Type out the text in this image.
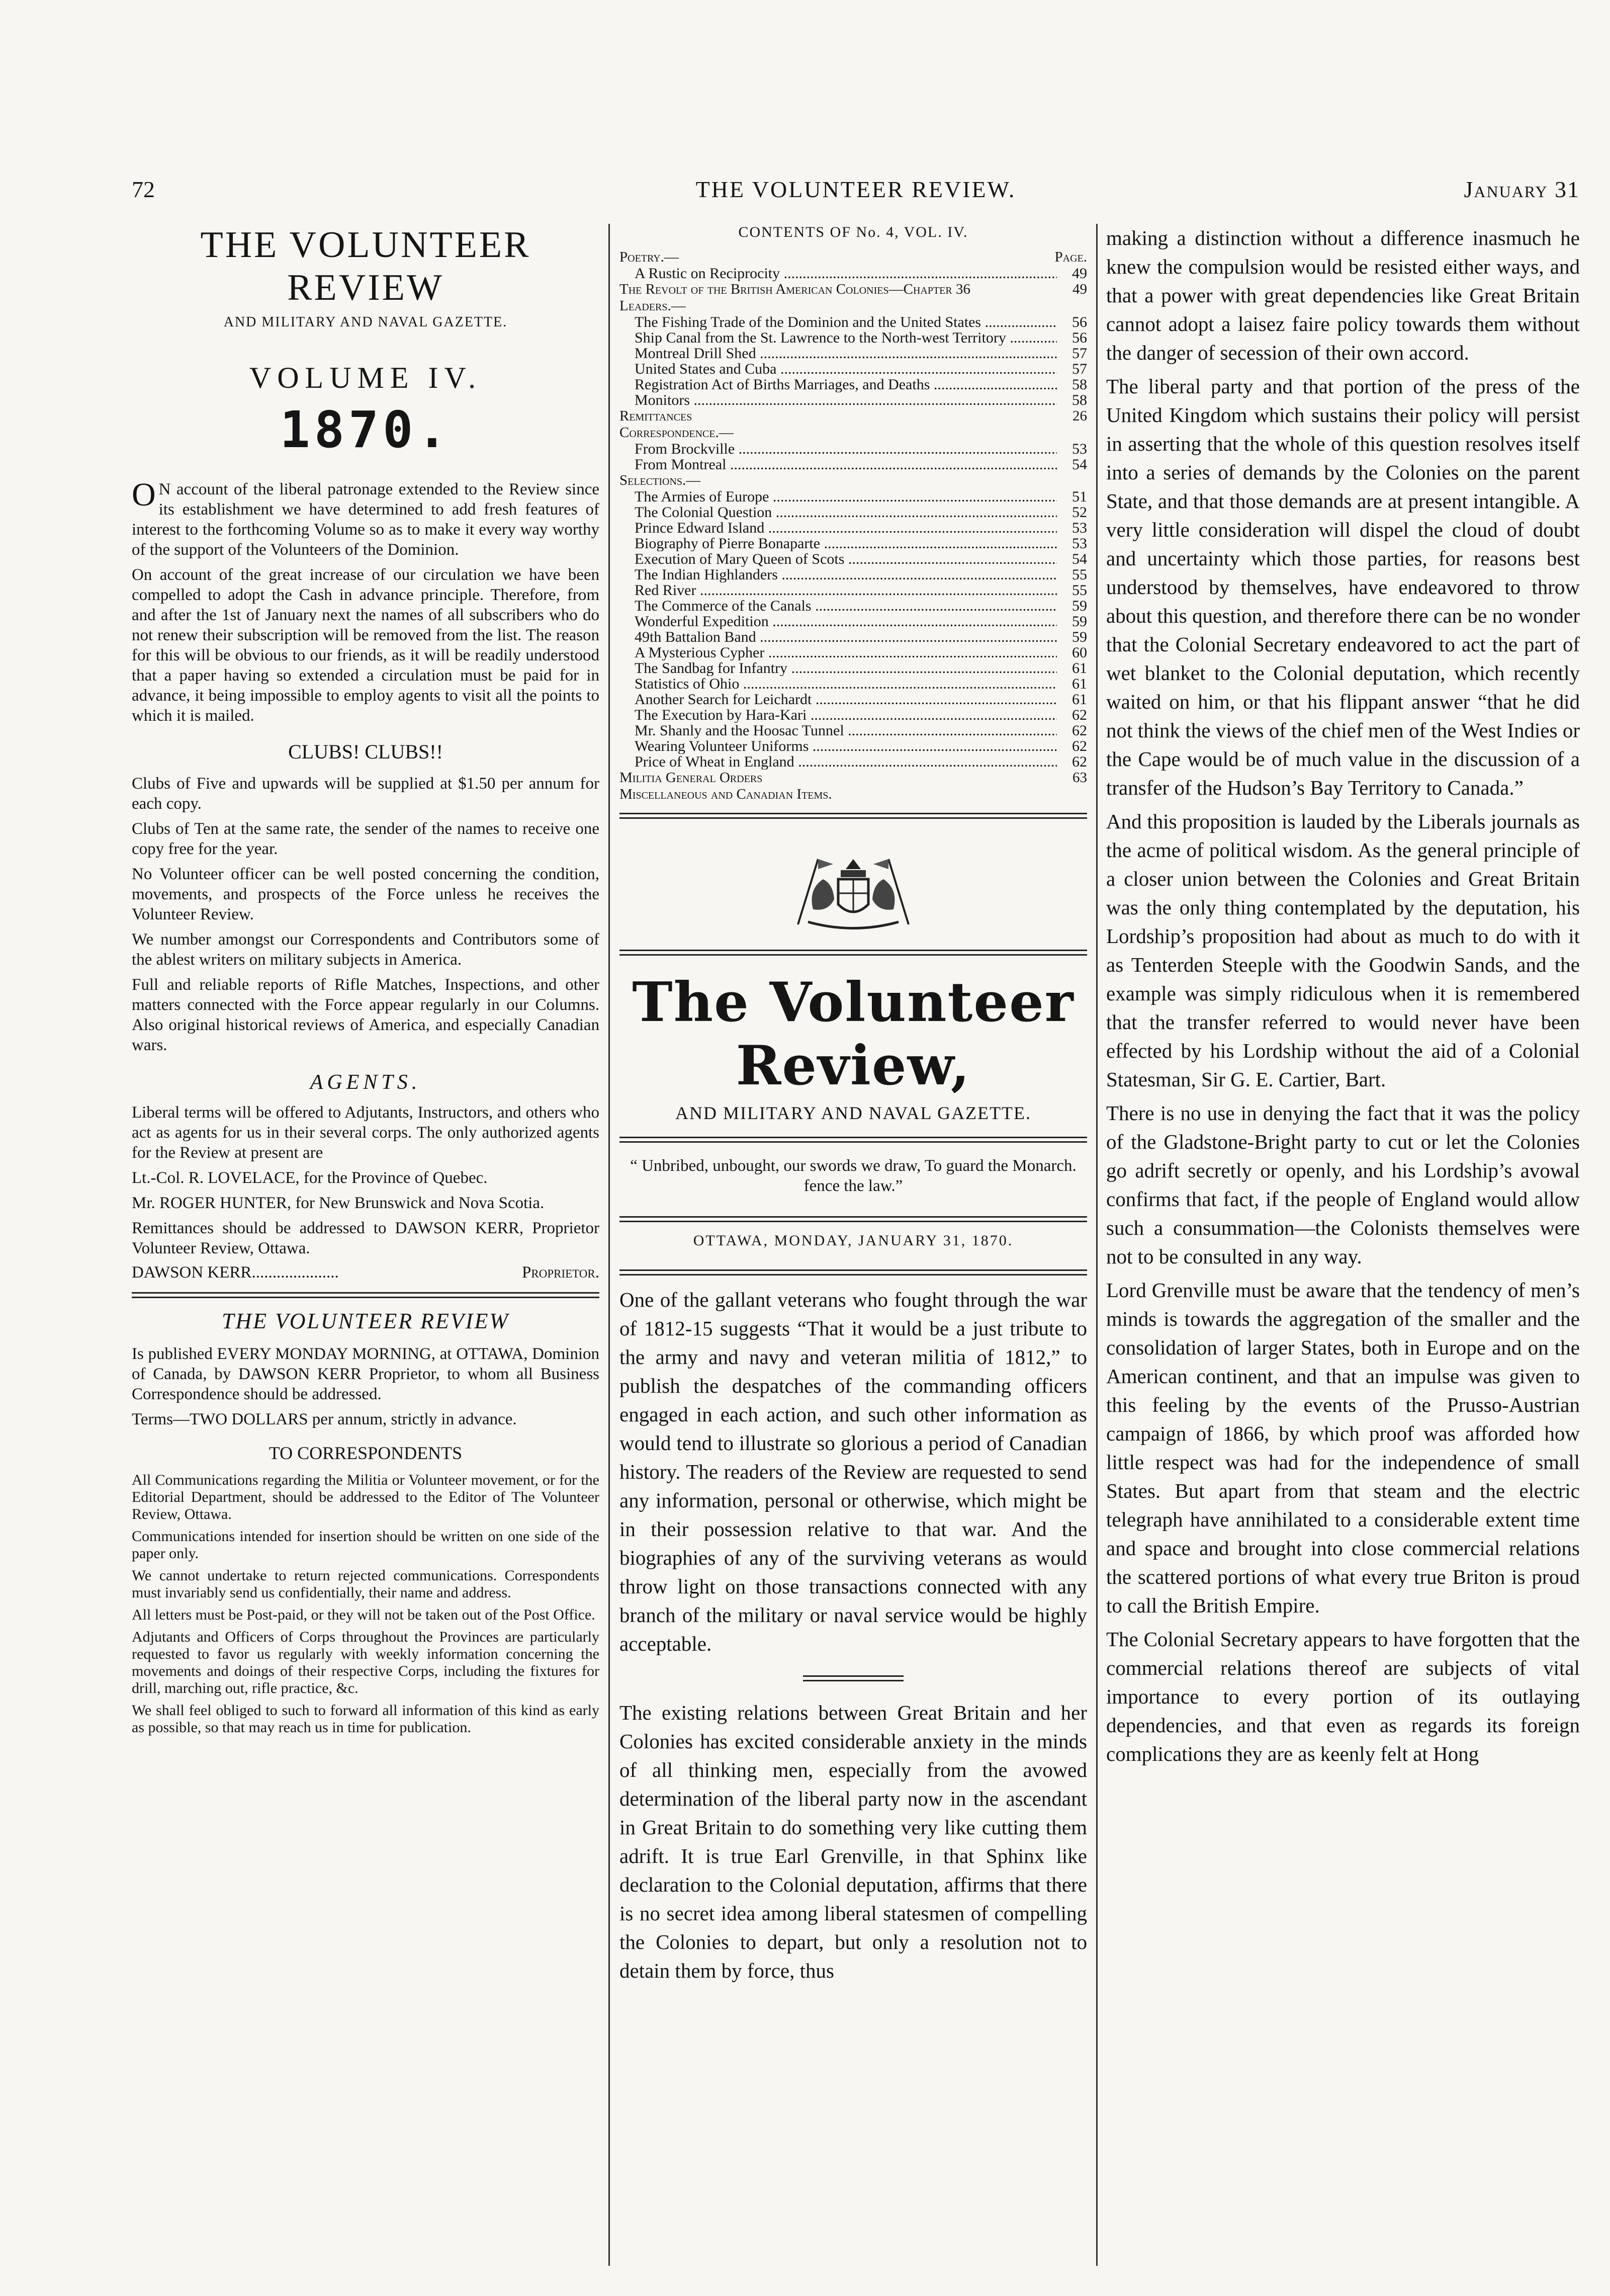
72	THE VOLUNTEER REVIEW.	January 31
THE VOLUNTEER REVIEW
AND MILITARY AND NAVAL GAZETTE.
VOLUME IV.
1870.

ON account of the liberal patronage extended to the Review since its establishment we have determined to add fresh features of interest to the forthcoming Volume so as to make it every way worthy of the support of the Volunteers of the Dominion.

On account of the great increase of our circulation we have been compelled to adopt the Cash in advance principle. Therefore, from and after the 1st of January next the names of all subscribers who do not renew their subscription will be removed from the list. The reason for this will be obvious to our friends, as it will be readily understood that a paper having so extended a circulation must be paid for in advance, it being impossible to employ agents to visit all the points to which it is mailed.

CLUBS! CLUBS!!

Clubs of Five and upwards will be supplied at $1.50 per annum for each copy.

Clubs of Ten at the same rate, the sender of the names to receive one copy free for the year.

No Volunteer officer can be well posted concerning the condition, movements, and prospects of the Force unless he receives the Volunteer Review.

We number amongst our Correspondents and Contributors some of the ablest writers on military subjects in America.

Full and reliable reports of Rifle Matches, Inspections, and other matters connected with the Force appear regularly in our Columns. Also original historical reviews of America, and especially Canadian wars.

AGENTS.

Liberal terms will be offered to Adjutants, Instructors, and others who act as agents for us in their several corps. The only authorized agents for the Review at present are

Lt.-Col. R. LOVELACE, for the Province of Quebec.

Mr. ROGER HUNTER, for New Brunswick and Nova Scotia.

Remittances should be addressed to DAWSON KERR, Proprietor Volunteer Review, Ottawa.

DAWSON KERR.....................	Proprietor.
THE VOLUNTEER REVIEW

Is published EVERY MONDAY MORNING, at OTTAWA, Dominion of Canada, by DAWSON KERR Proprietor, to whom all Business Correspondence should be addressed.

Terms—TWO DOLLARS per annum, strictly in advance.

TO CORRESPONDENTS

All Communications regarding the Militia or Volunteer movement, or for the Editorial Department, should be addressed to the Editor of The Volunteer Review, Ottawa.

Communications intended for insertion should be written on one side of the paper only.

We cannot undertake to return rejected communications. Correspondents must invariably send us confidentially, their name and address.

All letters must be Post-paid, or they will not be taken out of the Post Office.

Adjutants and Officers of Corps throughout the Provinces are particularly requested to favor us regularly with weekly information concerning the movements and doings of their respective Corps, including the fixtures for drill, marching out, rifle practice, &c.

We shall feel obliged to such to forward all information of this kind as early as possible, so that may reach us in time for publication.

CONTENTS OF No. 4, VOL. IV.
Poetry.—	Page.
A Rustic on Reciprocity .....	49
The Revolt of the British American Colonies—Chapter 36	49
Leaders.—
The Fishing Trade of the Dominion and the United States .....	56
Ship Canal from the St. Lawrence to the North-west Territory .....	56
Montreal Drill Shed .....	57
United States and Cuba .....	57
Registration Act of Births Marriages, and Deaths .....	58
Monitors .....	58
Remittances	26
Correspondence.—
From Brockville .....	53
From Montreal .....	54
Selections.—
The Armies of Europe .....	51
The Colonial Question .....	52
Prince Edward Island .....	53
Biography of Pierre Bonaparte .....	53
Execution of Mary Queen of Scots .....	54
The Indian Highlanders .....	55
Red River .....	55
The Commerce of the Canals .....	59
Wonderful Expedition .....	59
49th Battalion Band .....	59
A Mysterious Cypher .....	60
The Sandbag for Infantry .....	61
Statistics of Ohio .....	61
Another Search for Leichardt .....	61
The Execution by Hara-Kari .....	62
Mr. Shanly and the Hoosac Tunnel .....	62
Wearing Volunteer Uniforms .....	62
Price of Wheat in England .....	62
Militia General Orders	63
Miscellaneous and Canadian Items.
The Volunteer Review,
AND MILITARY AND NAVAL GAZETTE.
“ Unbribed, unbought, our swords we draw, To guard the Monarch. fence the law.”
OTTAWA, MONDAY, JANUARY 31, 1870.

One of the gallant veterans who fought through the war of 1812-15 suggests “That it would be a just tribute to the army and navy and veteran militia of 1812,” to publish the despatches of the commanding officers engaged in each action, and such other information as would tend to illustrate so glorious a period of Canadian history. The readers of the Review are requested to send any information, personal or otherwise, which might be in their possession relative to that war. And the biographies of any of the surviving veterans as would throw light on those transactions connected with any branch of the military or naval service would be highly acceptable.

The existing relations between Great Britain and her Colonies has excited considerable anxiety in the minds of all thinking men, especially from the avowed determination of the liberal party now in the ascendant in Great Britain to do something very like cutting them adrift. It is true Earl Grenville, in that Sphinx like declaration to the Colonial deputation, affirms that there is no secret idea among liberal statesmen of compelling the Colonies to depart, but only a resolution not to detain them by force, thus

making a distinction without a difference inasmuch he knew the compulsion would be resisted either ways, and that a power with great dependencies like Great Britain cannot adopt a laisez faire policy towards them without the danger of secession of their own accord.

The liberal party and that portion of the press of the United Kingdom which sustains their policy will persist in asserting that the whole of this question resolves itself into a series of demands by the Colonies on the parent State, and that those demands are at present intangible. A very little consideration will dispel the cloud of doubt and uncertainty which those parties, for reasons best understood by themselves, have endeavored to throw about this question, and therefore there can be no wonder that the Colonial Secretary endeavored to act the part of wet blanket to the Colonial deputation, which recently waited on him, or that his flippant answer “that he did not think the views of the chief men of the West Indies or the Cape would be of much value in the discussion of a transfer of the Hudson’s Bay Territory to Canada.”

And this proposition is lauded by the Liberals journals as the acme of political wisdom. As the general principle of a closer union between the Colonies and Great Britain was the only thing contemplated by the deputation, his Lordship’s proposition had about as much to do with it as Tenterden Steeple with the Goodwin Sands, and the example was simply ridiculous when it is remembered that the transfer referred to would never have been effected by his Lordship without the aid of a Colonial Statesman, Sir G. E. Cartier, Bart.

There is no use in denying the fact that it was the policy of the Gladstone-Bright party to cut or let the Colonies go adrift secretly or openly, and his Lordship’s avowal confirms that fact, if the people of England would allow such a consummation—the Colonists themselves were not to be consulted in any way.

Lord Grenville must be aware that the tendency of men’s minds is towards the aggregation of the smaller and the consolidation of larger States, both in Europe and on the American continent, and that an impulse was given to this feeling by the events of the Prusso-Austrian campaign of 1866, by which proof was afforded how little respect was had for the independence of small States. But apart from that steam and the electric telegraph have annihilated to a considerable extent time and space and brought into close commercial relations the scattered portions of what every true Briton is proud to call the British Empire.

The Colonial Secretary appears to have forgotten that the commercial relations thereof are subjects of vital importance to every portion of its outlaying dependencies, and that even as regards its foreign complications they are as keenly felt at Hong
